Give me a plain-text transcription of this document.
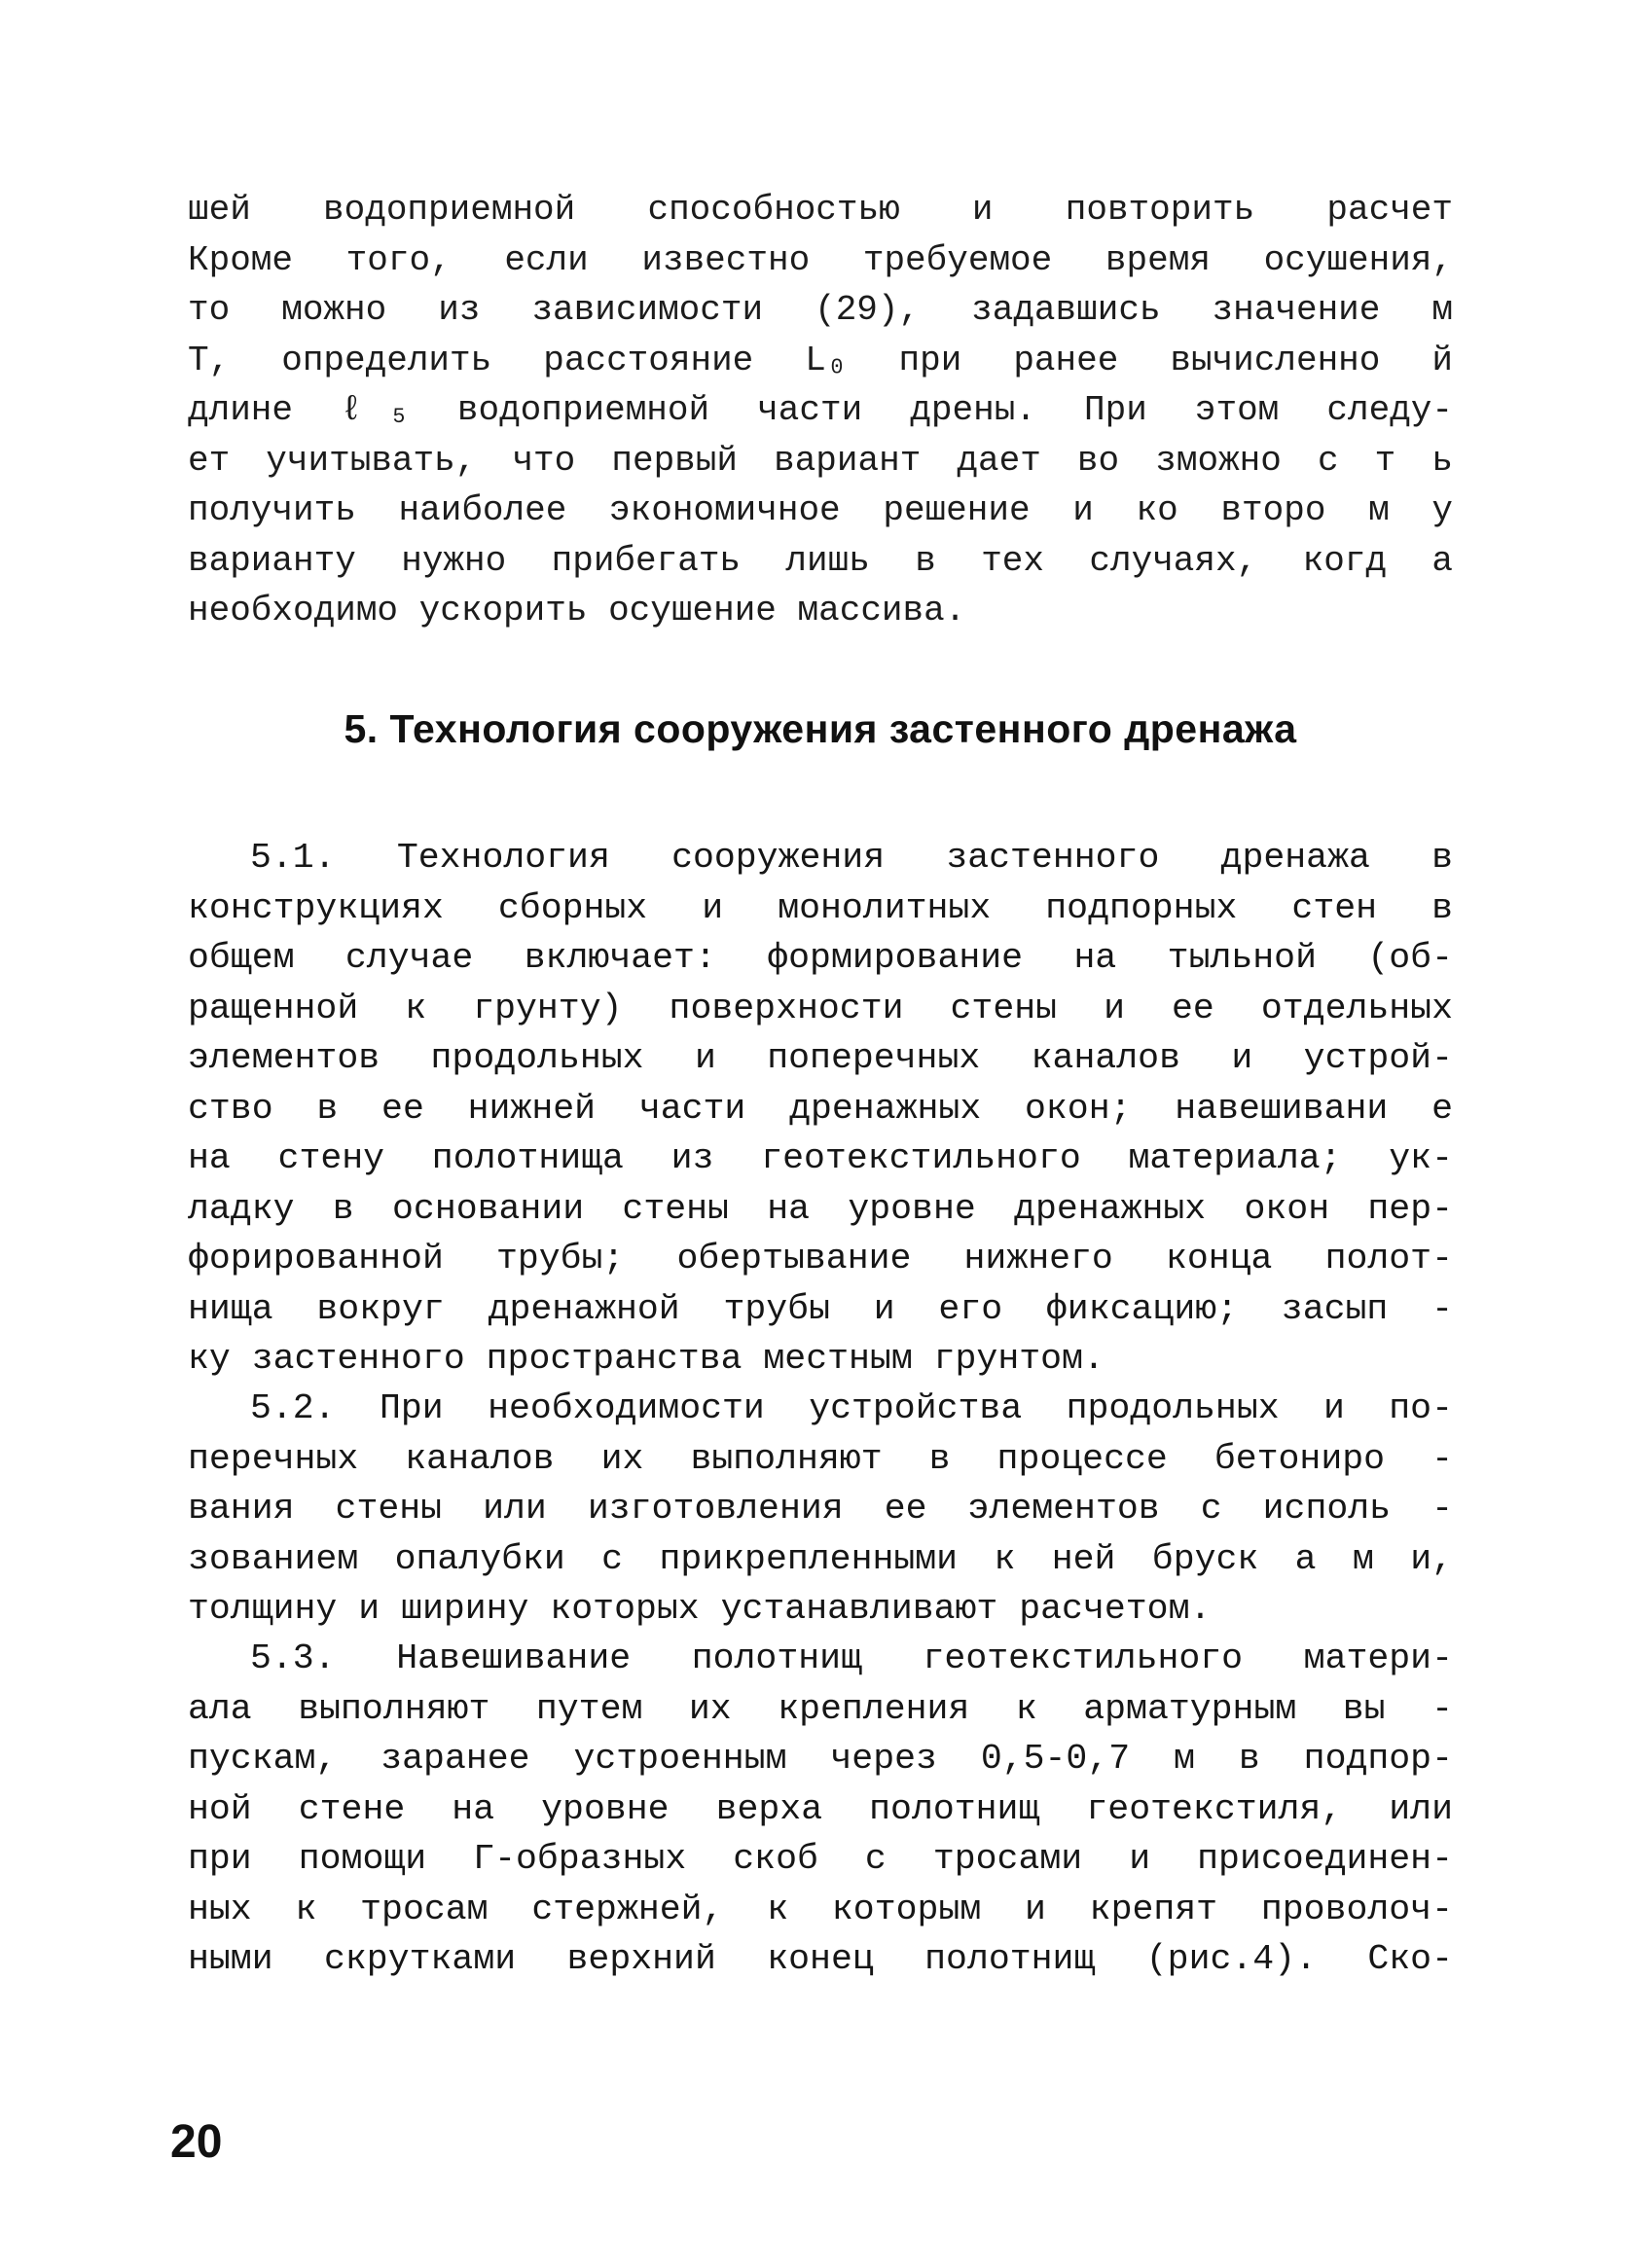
шей водоприемной способностью и повторить расчет
Кроме того, если известно требуемое время осушения,
то можно из зависимости (29), задавшись значение м
Т, определить расстояние L₀ при ранее вычисленно й
длине ℓ₅ водоприемной части дрены. При этом следу-
ет учитывать, что первый вариант дает во зможно с т ь
получить наиболее экономичное решение и ко второ м у
варианту нужно прибегать лишь в тех случаях, когд а
необходимо ускорить осушение массива.
5. Технология сооружения застенного дренажа
5.1. Технология сооружения застенного дренажа в
конструкциях сборных и монолитных подпорных стен в
общем случае включает: формирование на тыльной (об-
ращенной к грунту) поверхности стены и ее отдельных
элементов продольных и поперечных каналов и устрой-
ство в ее нижней части дренажных окон; навешивани е
на стену полотнища из геотекстильного материала; ук-
ладку в основании стены на уровне дренажных окон пер-
форированной трубы; обертывание нижнего конца полот-
нища вокруг дренажной трубы и его фиксацию; засып -
ку застенного пространства местным грунтом.
5.2. При необходимости устройства продольных и по-
перечных каналов их выполняют в процессе бетониро -
вания стены или изготовления ее элементов с исполь -
зованием опалубки с прикрепленными к ней бруск а м и,
толщину и ширину которых устанавливают расчетом.
5.3. Навешивание полотнищ геотекстильного матери-
ала выполняют путем их крепления к арматурным вы -
пускам, заранее устроенным через 0,5-0,7 м в подпор-
ной стене на уровне верха полотнищ геотекстиля, или
при помощи Г-образных скоб с тросами и присоединен-
ных к тросам стержней, к которым и крепят проволоч-
ными скрутками верхний конец полотнищ (рис.4). Ско-
20
